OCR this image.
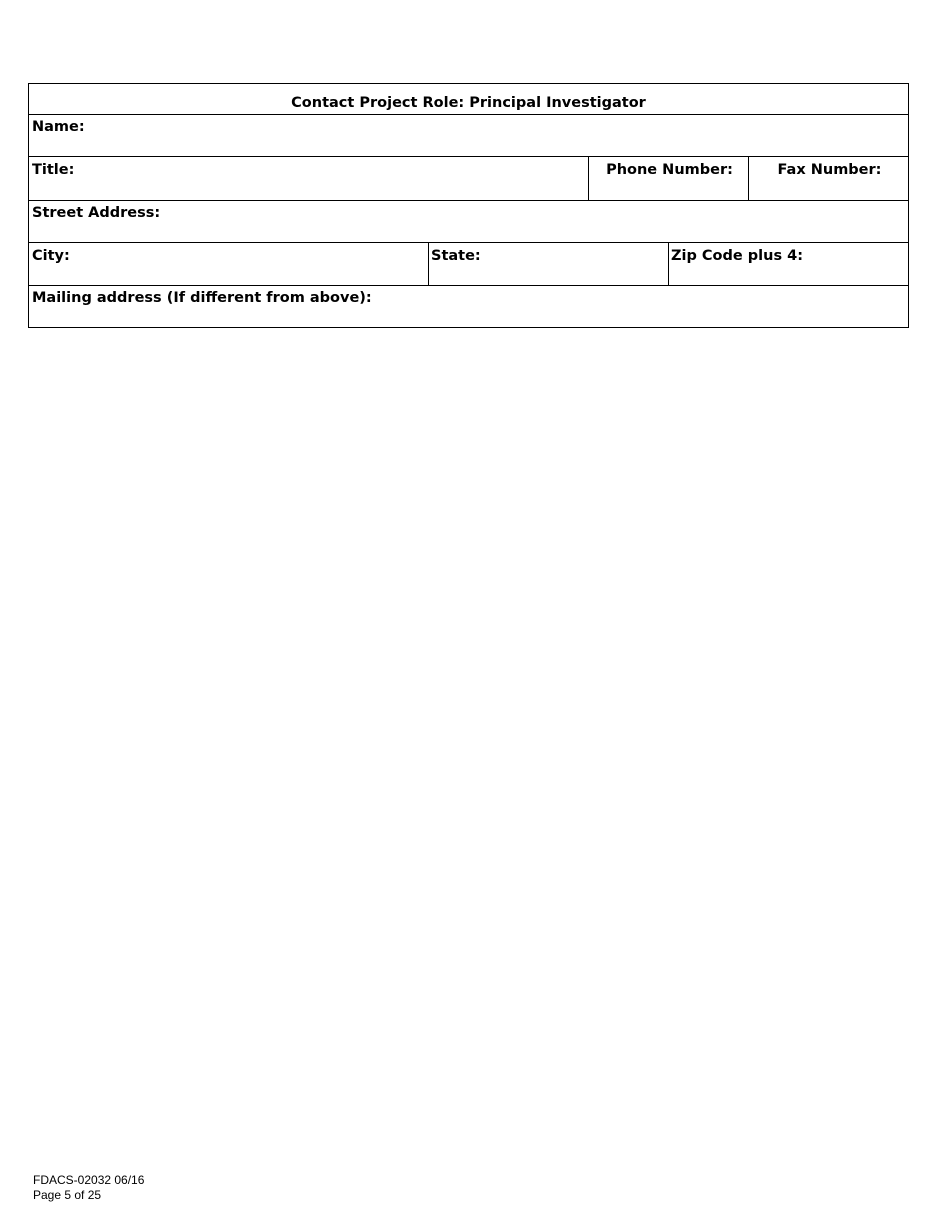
Contact Project Role: Principal Investigator
Name:
Title:	Phone Number:	Fax Number:
Street Address:
City:	State:	Zip Code plus 4:
Mailing address (If different from above):
FDACS-02032 06/16
Page 5 of 25
